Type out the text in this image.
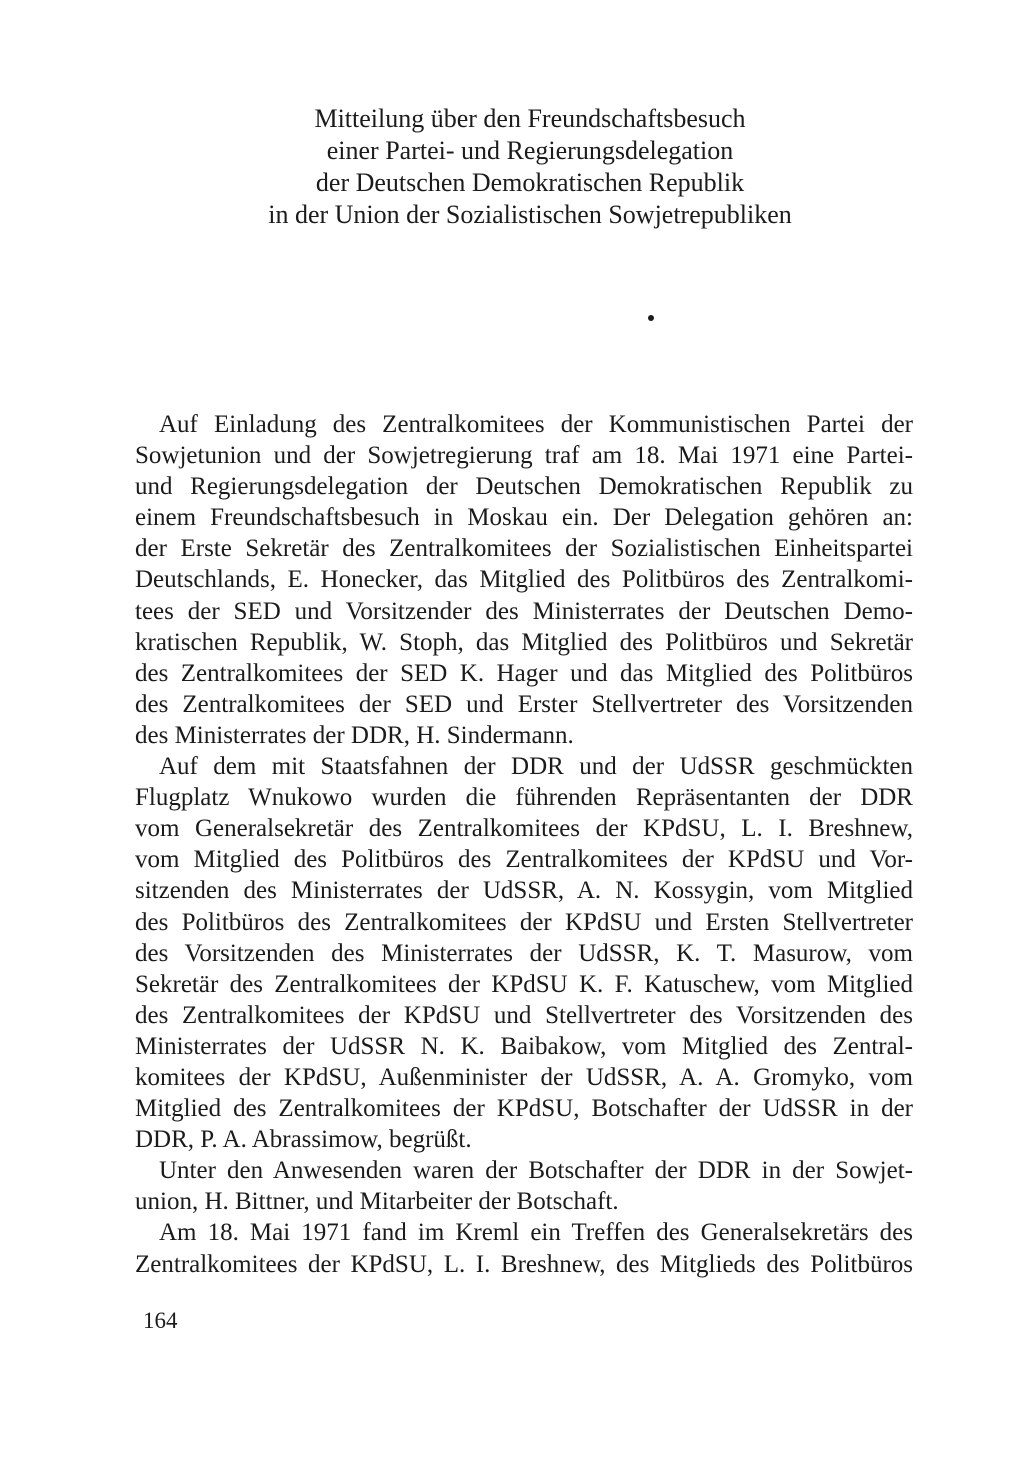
Mitteilung über den Freundschaftsbesuch
einer Partei- und Regierungsdelegation
der Deutschen Demokratischen Republik
in der Union der Sozialistischen Sowjetrepubliken
Auf Einladung des Zentralkomitees der Kommunistischen Partei der
Sowjetunion und der Sowjetregierung traf am 18. Mai 1971 eine Partei-
und Regierungsdelegation der Deutschen Demokratischen Republik zu
einem Freundschaftsbesuch in Moskau ein. Der Delegation gehören an:
der Erste Sekretär des Zentralkomitees der Sozialistischen Einheitspartei
Deutschlands, E. Honecker, das Mitglied des Politbüros des Zentralkomi-
tees der SED und Vorsitzender des Ministerrates der Deutschen Demo-
kratischen Republik, W. Stoph, das Mitglied des Politbüros und Sekretär
des Zentralkomitees der SED K. Hager und das Mitglied des Politbüros
des Zentralkomitees der SED und Erster Stellvertreter des Vorsitzenden
des Ministerrates der DDR, H. Sindermann.
Auf dem mit Staatsfahnen der DDR und der UdSSR geschmückten
Flugplatz Wnukowo wurden die führenden Repräsentanten der DDR
vom Generalsekretär des Zentralkomitees der KPdSU, L. I. Breshnew,
vom Mitglied des Politbüros des Zentralkomitees der KPdSU und Vor-
sitzenden des Ministerrates der UdSSR, A. N. Kossygin, vom Mitglied
des Politbüros des Zentralkomitees der KPdSU und Ersten Stellvertreter
des Vorsitzenden des Ministerrates der UdSSR, K. T. Masurow, vom
Sekretär des Zentralkomitees der KPdSU K. F. Katuschew, vom Mitglied
des Zentralkomitees der KPdSU und Stellvertreter des Vorsitzenden des
Ministerrates der UdSSR N. K. Baibakow, vom Mitglied des Zentral-
komitees der KPdSU, Außenminister der UdSSR, A. A. Gromyko, vom
Mitglied des Zentralkomitees der KPdSU, Botschafter der UdSSR in der
DDR, P. A. Abrassimow, begrüßt.
Unter den Anwesenden waren der Botschafter der DDR in der Sowjet-
union, H. Bittner, und Mitarbeiter der Botschaft.
Am 18. Mai 1971 fand im Kreml ein Treffen des Generalsekretärs des
Zentralkomitees der KPdSU, L. I. Breshnew, des Mitglieds des Politbüros
164
